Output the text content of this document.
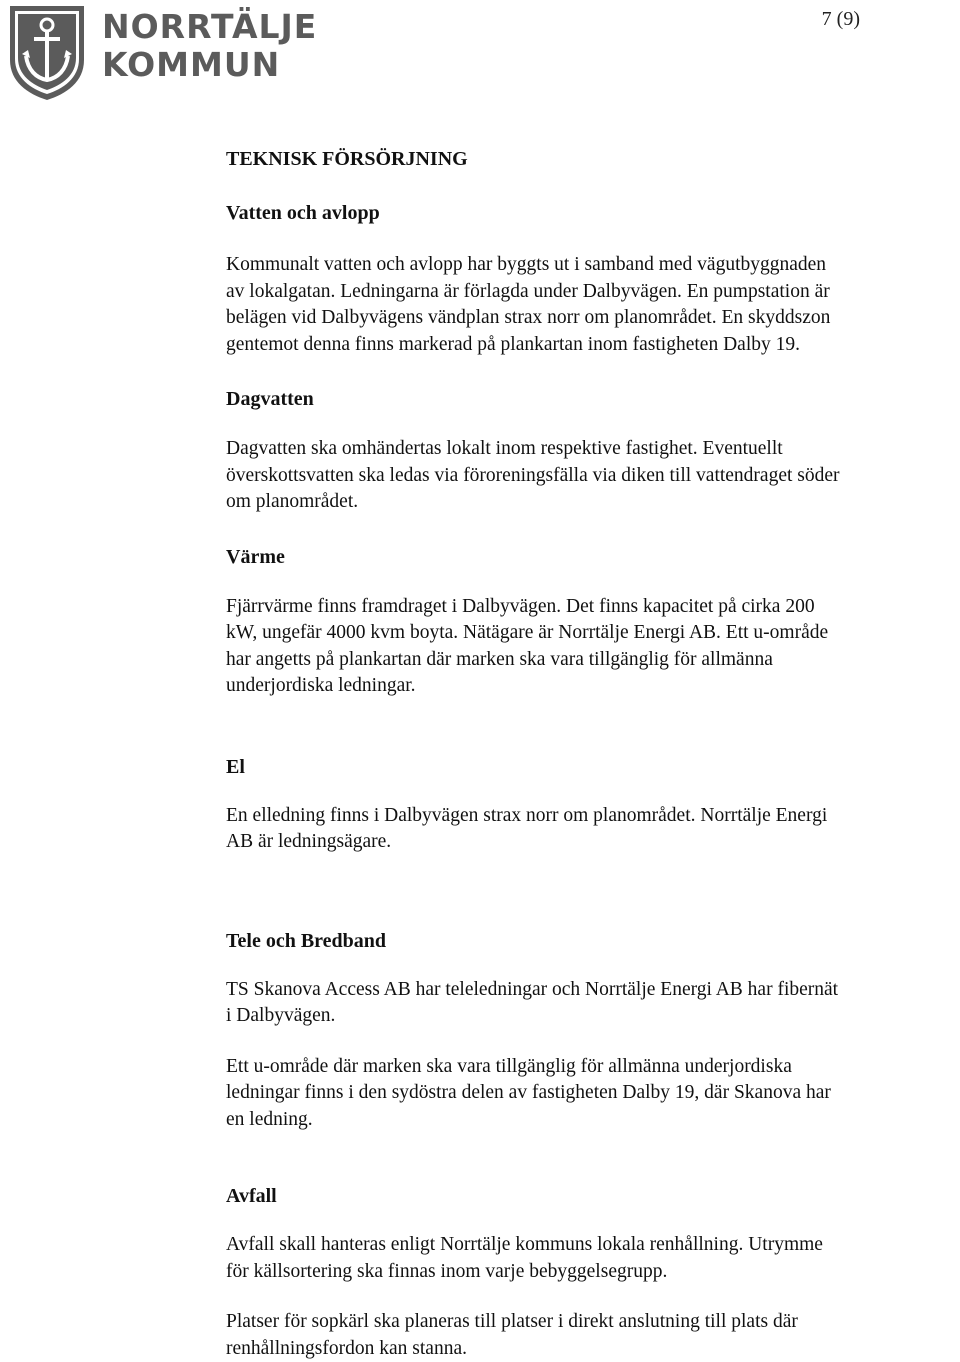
NORRTÄLJE
KOMMUN
7 (9)
TEKNISK FÖRSÖRJNING
Vatten och avlopp

Kommunalt vatten och avlopp har byggts ut i samband med vägutbyggnaden
av lokalgatan. Ledningarna är förlagda under Dalbyvägen. En pumpstation är
belägen vid Dalbyvägens vändplan strax norr om planområdet. En skyddszon
gentemot denna finns markerad på plankartan inom fastigheten Dalby 19.

Dagvatten

Dagvatten ska omhändertas lokalt inom respektive fastighet. Eventuellt
överskottsvatten ska ledas via föroreningsfälla via diken till vattendraget söder
om planområdet.

Värme

Fjärrvärme finns framdraget i Dalbyvägen. Det finns kapacitet på cirka 200
kW, ungefär 4000 kvm boyta. Nätägare är Norrtälje Energi AB. Ett u-område
har angetts på plankartan där marken ska vara tillgänglig för allmänna
underjordiska ledningar.

El

En elledning finns i Dalbyvägen strax norr om planområdet. Norrtälje Energi
AB är ledningsägare.

Tele och Bredband

TS Skanova Access AB har teleledningar och Norrtälje Energi AB har fibernät
i Dalbyvägen.

Ett u-område där marken ska vara tillgänglig för allmänna underjordiska
ledningar finns i den sydöstra delen av fastigheten Dalby 19, där Skanova har
en ledning.

Avfall

Avfall skall hanteras enligt Norrtälje kommuns lokala renhållning. Utrymme
för källsortering ska finnas inom varje bebyggelsegrupp.

Platser för sopkärl ska planeras till platser i direkt anslutning till plats där
renhållningsfordon kan stanna.
